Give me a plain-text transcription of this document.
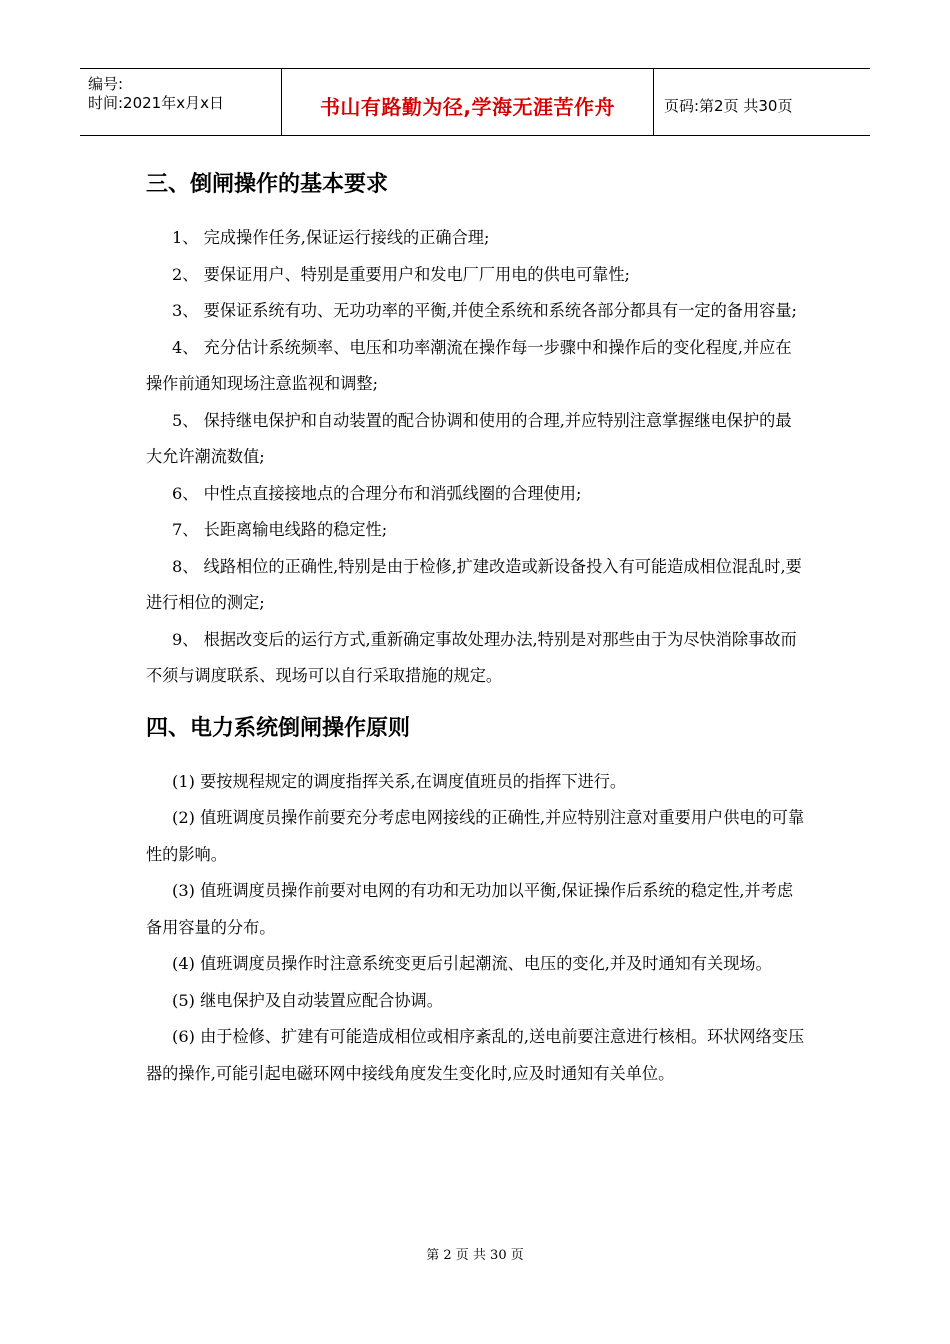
编号:
时间:2021年x月x日	书山有路勤为径,学海无涯苦作舟	页码:第2页 共30页
三、倒闸操作的基本要求

1、 完成操作任务,保证运行接线的正确合理;

2、 要保证用户、特别是重要用户和发电厂厂用电的供电可靠性;

3、 要保证系统有功、无功功率的平衡,并使全系统和系统各部分都具有一定的备用容量;

4、 充分估计系统频率、电压和功率潮流在操作每一步骤中和操作后的变化程度,并应在操作前通知现场注意监视和调整;

5、 保持继电保护和自动装置的配合协调和使用的合理,并应特别注意掌握继电保护的最大允许潮流数值;

6、 中性点直接接地点的合理分布和消弧线圈的合理使用;

7、 长距离输电线路的稳定性;

8、 线路相位的正确性,特别是由于检修,扩建改造或新设备投入有可能造成相位混乱时,要进行相位的测定;

9、 根据改变后的运行方式,重新确定事故处理办法,特别是对那些由于为尽快消除事故而不须与调度联系、现场可以自行采取措施的规定。

四、电力系统倒闸操作原则

(1) 要按规程规定的调度指挥关系,在调度值班员的指挥下进行。

(2) 值班调度员操作前要充分考虑电网接线的正确性,并应特别注意对重要用户供电的可靠性的影响。

(3) 值班调度员操作前要对电网的有功和无功加以平衡,保证操作后系统的稳定性,并考虑备用容量的分布。

(4) 值班调度员操作时注意系统变更后引起潮流、电压的变化,并及时通知有关现场。

(5) 继电保护及自动装置应配合协调。

(6) 由于检修、扩建有可能造成相位或相序紊乱的,送电前要注意进行核相。环状网络变压器的操作,可能引起电磁环网中接线角度发生变化时,应及时通知有关单位。

第 2 页 共 30 页
